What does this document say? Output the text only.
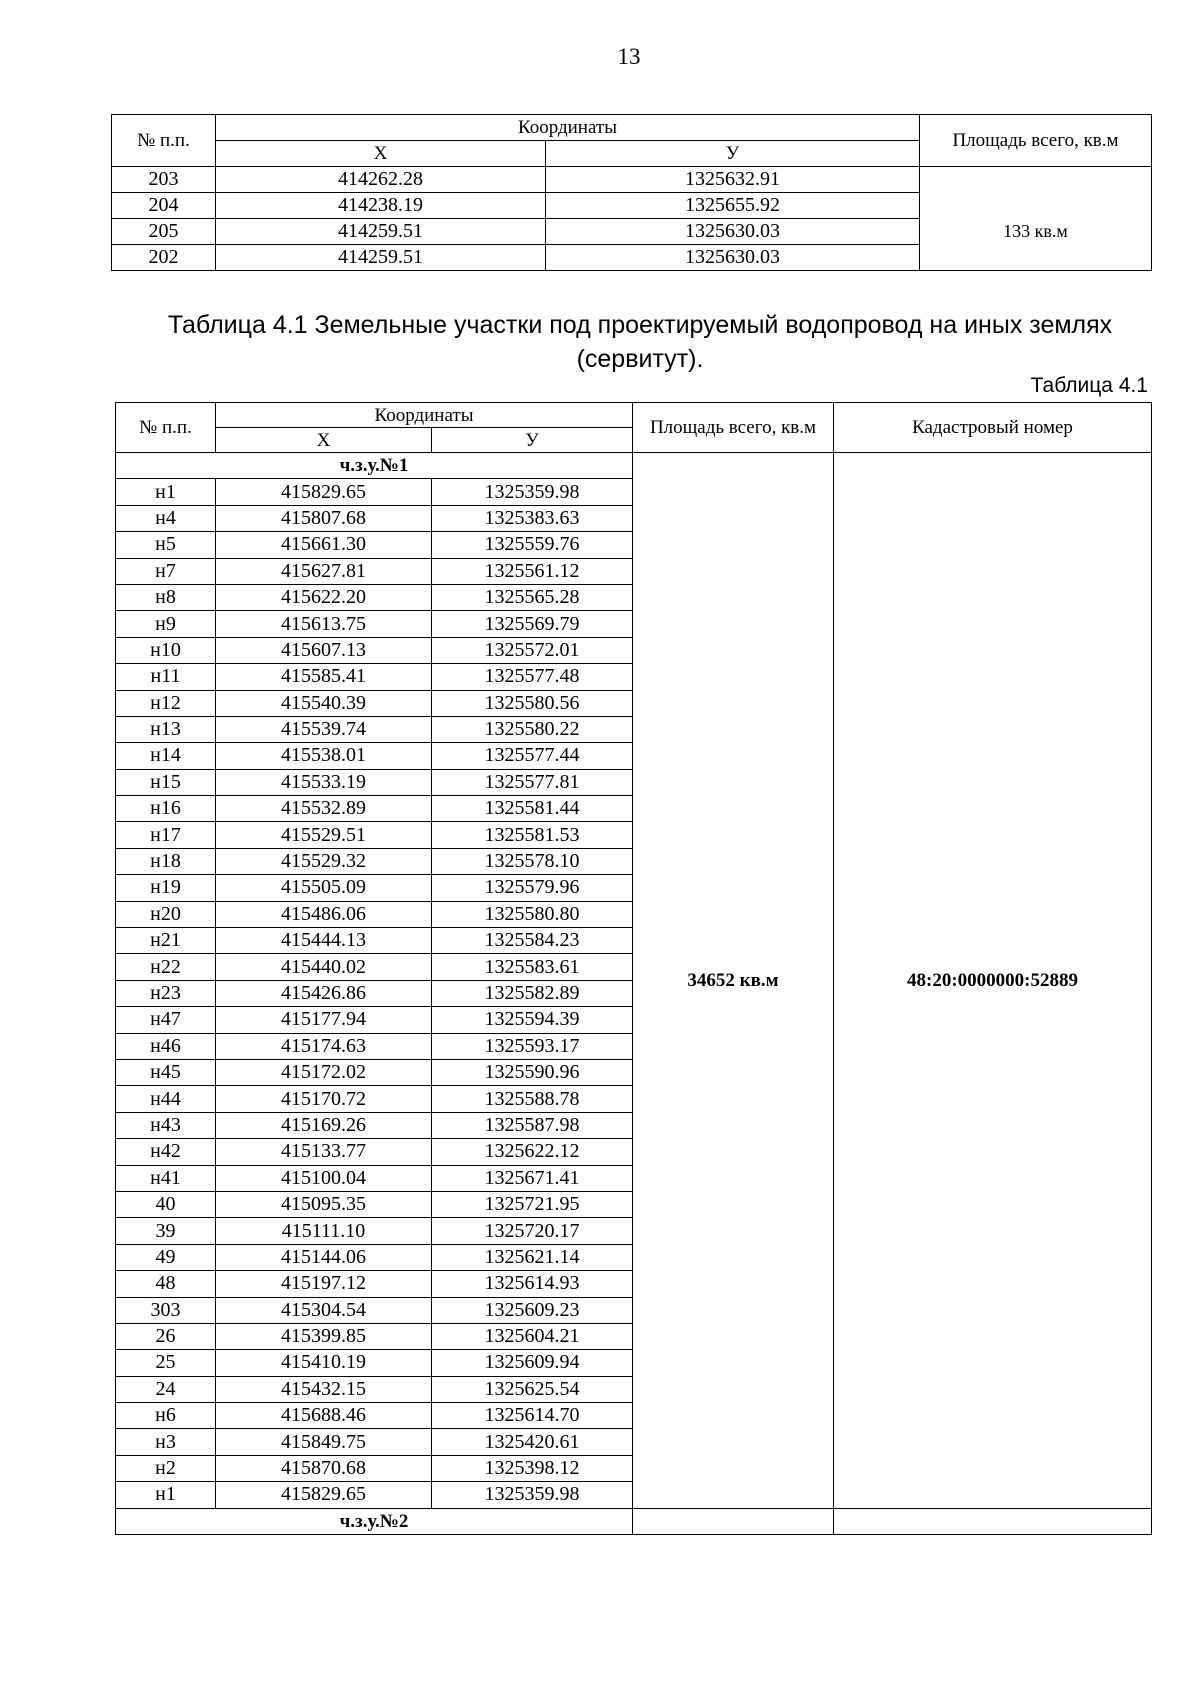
13
№ п.п.	Координаты		Площадь всего, кв.м
	X	У	
203	414262.28	1325632.91	
204	414238.19	1325655.92	133 кв.м
205	414259.51	1325630.03	
202	414259.51	1325630.03	
Таблица 4.1 Земельные участки под проектируемый водопровод на иных землях (сервитут).
Таблица 4.1
№ п.п.	Координаты		Площадь всего, кв.м	Кадастровый номер
	X	У		
ч.з.у.№1			34652 кв.м	48:20:0000000:52889
н1	415829.65	1325359.98		
н4	415807.68	1325383.63		
н5	415661.30	1325559.76		
н7	415627.81	1325561.12		
н8	415622.20	1325565.28		
н9	415613.75	1325569.79		
н10	415607.13	1325572.01		
н11	415585.41	1325577.48		
н12	415540.39	1325580.56		
н13	415539.74	1325580.22		
н14	415538.01	1325577.44		
н15	415533.19	1325577.81		
н16	415532.89	1325581.44		
н17	415529.51	1325581.53		
н18	415529.32	1325578.10		
н19	415505.09	1325579.96		
н20	415486.06	1325580.80		
н21	415444.13	1325584.23		
н22	415440.02	1325583.61		
н23	415426.86	1325582.89		
н47	415177.94	1325594.39		
н46	415174.63	1325593.17		
н45	415172.02	1325590.96		
н44	415170.72	1325588.78		
н43	415169.26	1325587.98		
н42	415133.77	1325622.12		
н41	415100.04	1325671.41		
40	415095.35	1325721.95		
39	415111.10	1325720.17		
49	415144.06	1325621.14		
48	415197.12	1325614.93		
303	415304.54	1325609.23		
26	415399.85	1325604.21		
25	415410.19	1325609.94		
24	415432.15	1325625.54		
н6	415688.46	1325614.70		
н3	415849.75	1325420.61		
н2	415870.68	1325398.12		
н1	415829.65	1325359.98		
ч.з.у.№2				
